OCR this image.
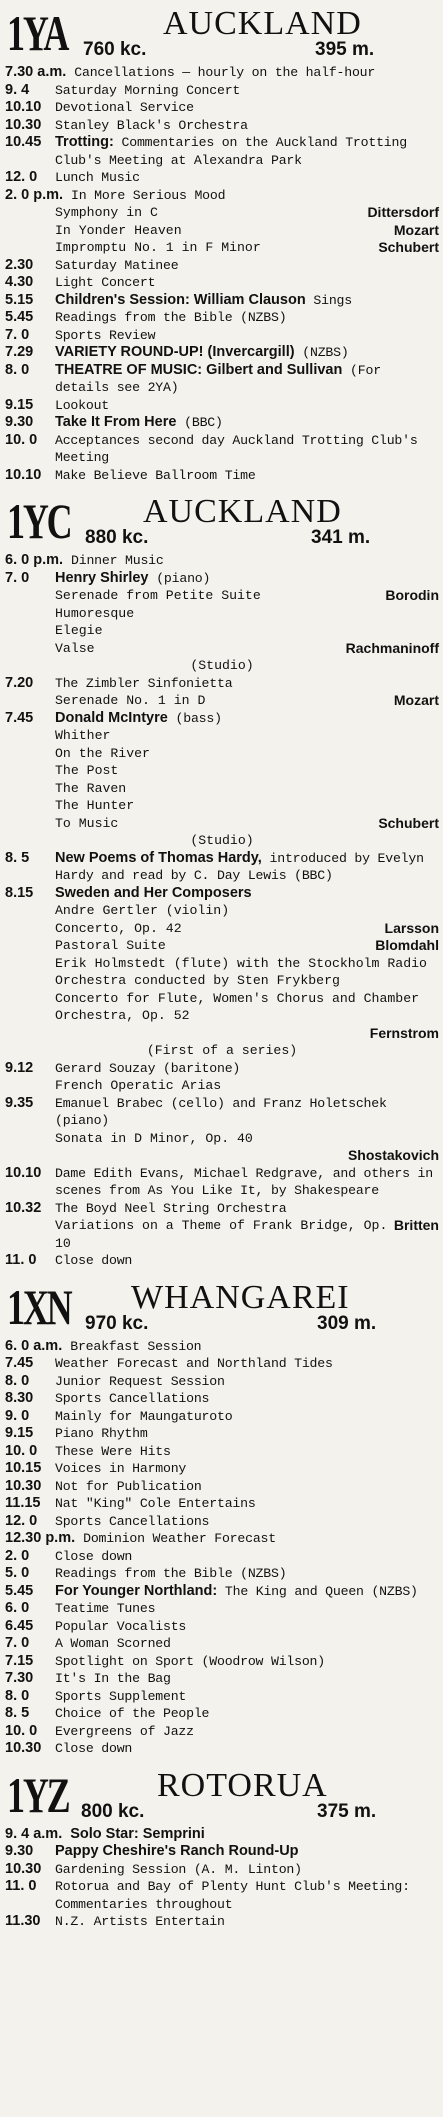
1YA	AUCKLAND
760 kc.	395 m.
7.30 a.m. Cancellations — hourly on the half-hour
9. 4	Saturday Morning Concert
10.10	Devotional Service
10.30	Stanley Black's Orchestra
10.45 Trotting: Commentaries on the Auckland Trotting Club's Meeting at Alexandra Park
12. 0	Lunch Music
2. 0 p.m. In More Serious Mood
Symphony in C	Dittersdorf
In Yonder Heaven	Mozart
Impromptu No. 1 in F Minor	Schubert
2.30	Saturday Matinee
4.30	Light Concert
5.15	Children's Session: William Clauson Sings
5.45	Readings from the Bible (NZBS)
7. 0	Sports Review
7.29	VARIETY ROUND-UP! (Invercargill) (NZBS)
8. 0	THEATRE OF MUSIC: Gilbert and Sullivan (For details see 2YA)
9.15	Lookout
9.30	Take It From Here (BBC)
10. 0	Acceptances second day Auckland Trotting Club's Meeting
10.10	Make Believe Ballroom Time
1YC AUCKLAND
880 kc.	341 m.
6. 0 p.m. Dinner Music
7. 0	Henry Shirley (piano)
Serenade from Petite Suite	Borodin
Humoresque
Elegie
Valse	Rachmaninoff
(Studio)
7.20	The Zimbler Sinfonietta
Serenade No. 1 in D	Mozart
7.45	Donald McIntyre (bass)
Whither
On the River
The Post
The Raven
The Hunter
To Music	Schubert
(Studio)
8. 5	New Poems of Thomas Hardy, introduced by Evelyn Hardy and read by C. Day Lewis (BBC)
8.15	Sweden and Her Composers
Andre Gertler (violin)
Concerto, Op. 42	Larsson
Pastoral Suite	Blomdahl
Erik Holmstedt (flute) with the Stockholm Radio Orchestra conducted by Sten Frykberg
Concerto for Flute, Women's Chorus and Chamber Orchestra, Op. 52
Fernstrom
(First of a series)
9.12	Gerard Souzay (baritone)
French Operatic Arias
9.35	Emanuel Brabec (cello) and Franz Holetschek (piano)
Sonata in D Minor, Op. 40
Shostakovich
10.10	Dame Edith Evans, Michael Redgrave, and others in scenes from As You Like It, by Shakespeare
10.32	The Boyd Neel String Orchestra
Variations on a Theme of Frank Bridge, Op. 10
Britten
11. 0	Close down
1XN WHANGAREI
970 kc.	309 m.
6. 0 a.m. Breakfast Session
7.45	Weather Forecast and Northland Tides
8. 0	Junior Request Session
8.30	Sports Cancellations
9. 0	Mainly for Maungaturoto
9.15	Piano Rhythm
10. 0	These Were Hits
10.15	Voices in Harmony
10.30	Not for Publication
11.15	Nat "King" Cole Entertains
12. 0	Sports Cancellations
12.30 p.m. Dominion Weather Forecast
2. 0	Close down
5. 0	Readings from the Bible (NZBS)
5.45	For Younger Northland: The King and Queen (NZBS)
6. 0	Teatime Tunes
6.45	Popular Vocalists
7. 0	A Woman Scorned
7.15	Spotlight on Sport (Woodrow Wilson)
7.30	It's In the Bag
8. 0	Sports Supplement
8. 5	Choice of the People
10. 0	Evergreens of Jazz
10.30	Close down
1YZ	ROTORUA
800 kc.	375 m.
9. 4 a.m. Solo Star: Semprini
9.30	Pappy Cheshire's Ranch Round-Up
10.30	Gardening Session (A. M. Linton)
11. 0	Rotorua and Bay of Plenty Hunt Club's Meeting: Commentaries throughout
11.30	N.Z. Artists Entertain
